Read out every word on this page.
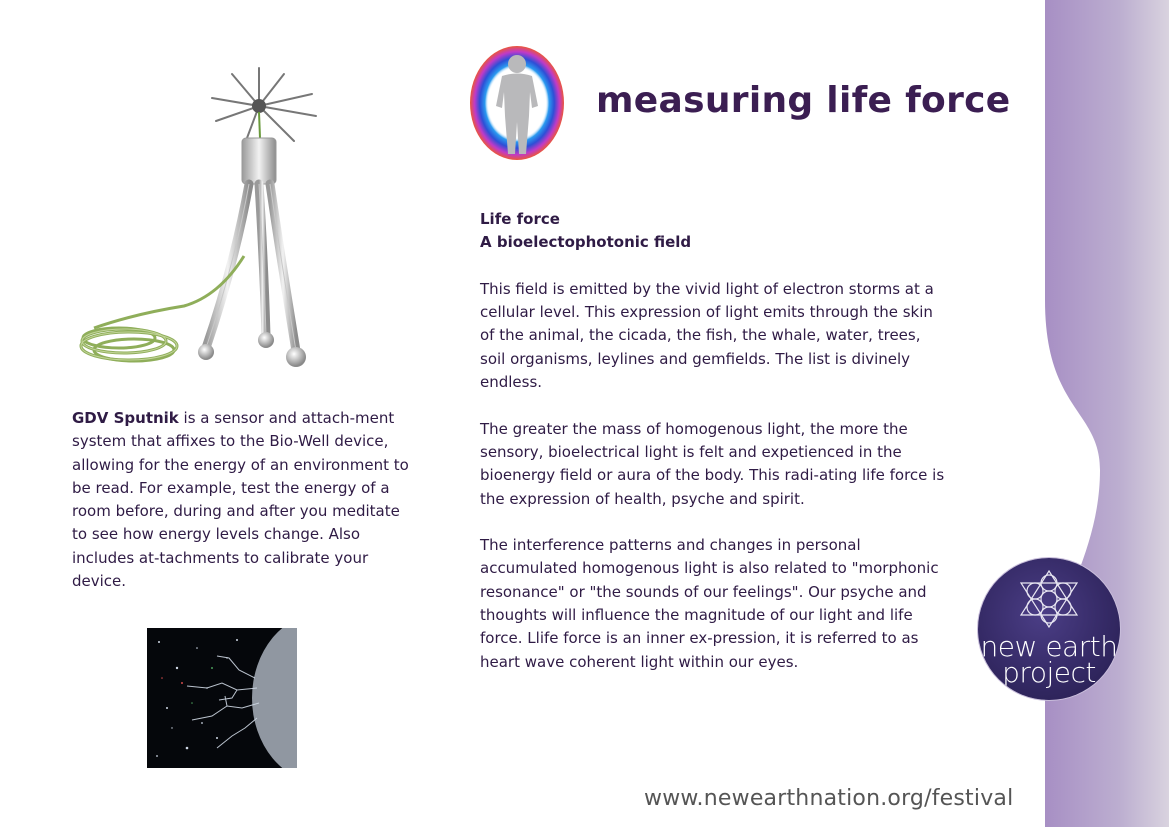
measuring life force
GDV Sputnik is a sensor and attach-ment system that affixes to the Bio-Well device, allowing for the energy of an environment to be read. For example, test the energy of a room before, during and after you meditate to see how energy levels change. Also includes at-tachments to calibrate your device.

Life force

A bioelectophotonic field

This field is emitted by the vivid light of electron storms at a cellular level. This expression of light emits through the skin of the animal, the cicada, the fish, the whale, water, trees, soil organisms, leylines and gemfields. The list is divinely endless.

The greater the mass of homogenous light, the more the sensory, bioelectrical light is felt and expetienced in the bioenergy field or aura of the body. This radi-ating life force is the expression of health, psyche and spirit.

The interference patterns and changes in personal accumulated homogenous light is also related to "morphonic resonance" or "the sounds of our feelings". Our psyche and thoughts will influence the magnitude of our light and life force. Llife force is an inner ex-pression, it is referred to as heart wave coherent light within our eyes.	new earth
project
www.newearthnation.org/festival
